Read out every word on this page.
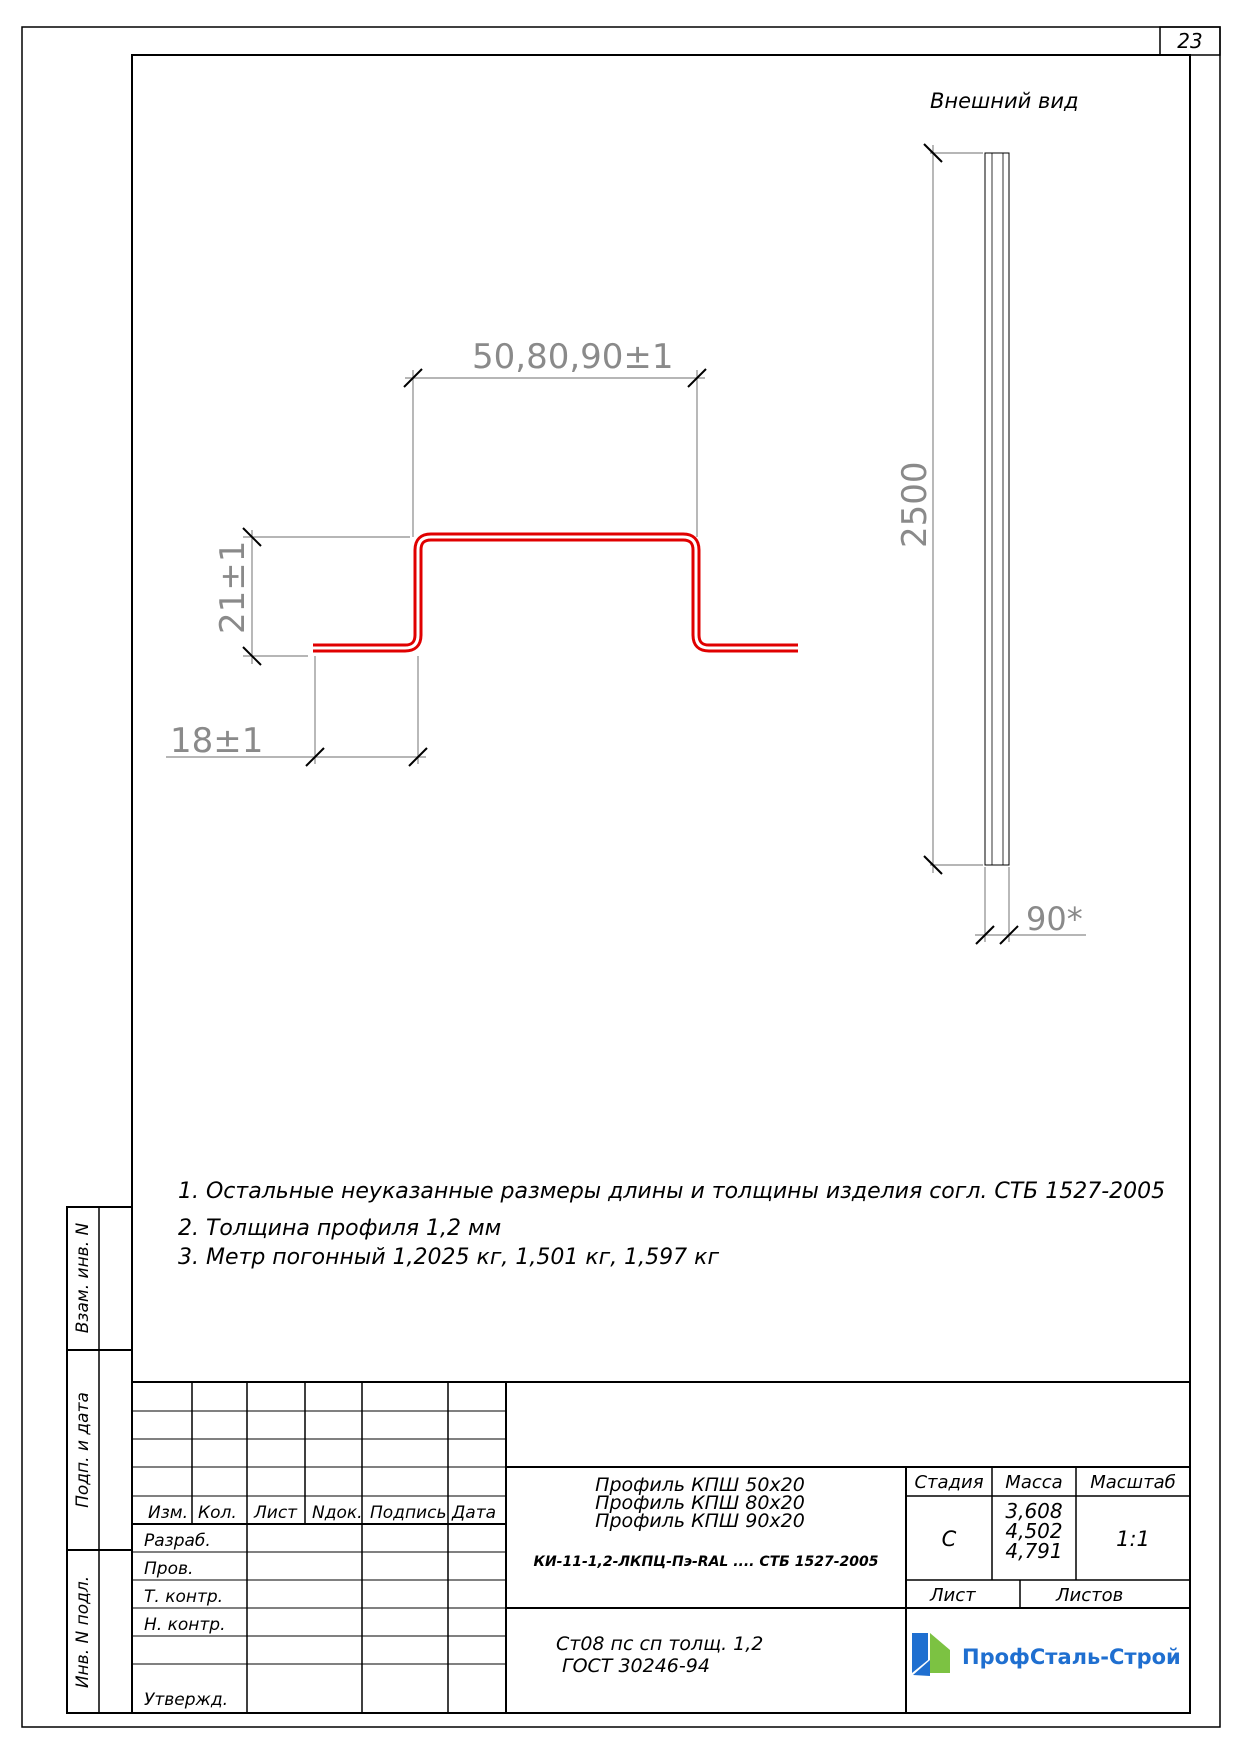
23
Взам. инв. N
Подп. и дата
Инв. N подл.
Внешний вид
50,80,90±1
21±1
18±1
2500
90*
1. Остальные неуказанные размеры длины и толщины изделия согл. СТБ 1527-2005
2. Толщина профиля 1,2 мм
3. Метр погонный 1,2025 кг, 1,501 кг, 1,597 кг
Изм. Кол. Лист Nдок. Подпись Дата
Разраб.
Пров.
Т. контр.
Н. контр.
Утвержд.
Профиль КПШ 50х20
Профиль КПШ 80х20
Профиль КПШ 90х20
КИ-11-1,2-ЛКПЦ-Пэ-RAL .... СТБ 1527-2005
Ст08 пс сп толщ. 1,2
ГОСТ 30246-94
Стадия Масса Масштаб
С
3,608
4,502
4,791	1:1
Лист	Листов
ПрофСталь-Строй
